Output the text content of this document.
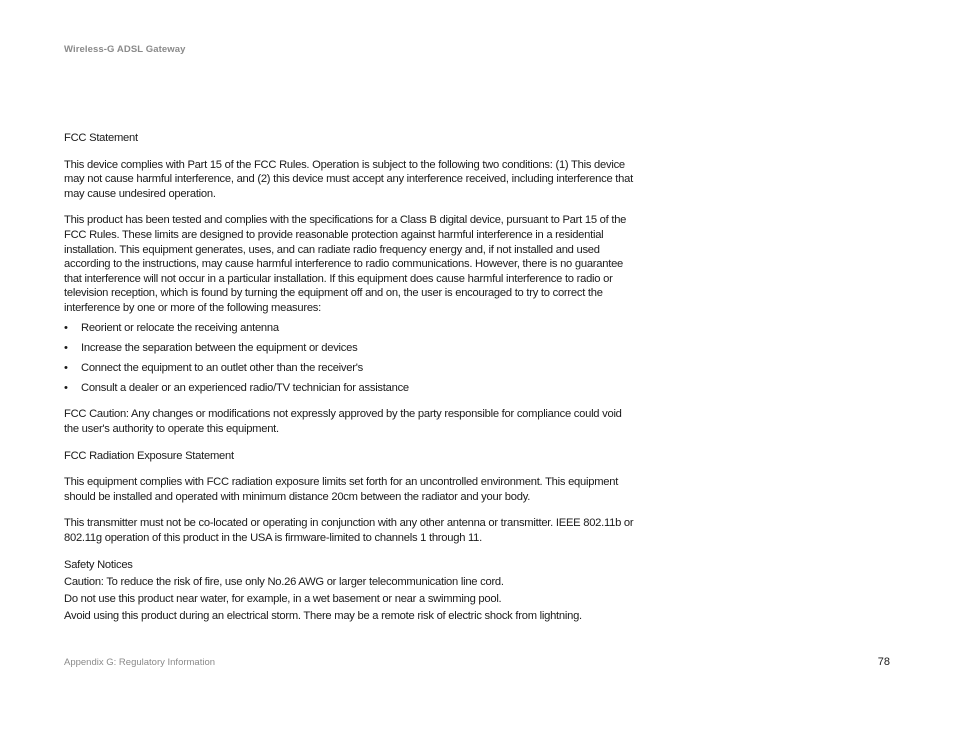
Wireless-G ADSL Gateway

FCC Statement

This device complies with Part 15 of the FCC Rules. Operation is subject to the following two conditions: (1) This device may not cause harmful interference, and (2) this device must accept any interference received, including interference that may cause undesired operation.

This product has been tested and complies with the specifications for a Class B digital device, pursuant to Part 15 of the FCC Rules. These limits are designed to provide reasonable protection against harmful interference in a residential installation. This equipment generates, uses, and can radiate radio frequency energy and, if not installed and used according to the instructions, may cause harmful interference to radio communications. However, there is no guarantee that interference will not occur in a particular installation. If this equipment does cause harmful interference to radio or television reception, which is found by turning the equipment off and on, the user is encouraged to try to correct the interference by one or more of the following measures:

• Reorient or relocate the receiving antenna
• Increase the separation between the equipment or devices
• Connect the equipment to an outlet other than the receiver's
• Consult a dealer or an experienced radio/TV technician for assistance

FCC Caution: Any changes or modifications not expressly approved by the party responsible for compliance could void the user's authority to operate this equipment.

FCC Radiation Exposure Statement

This equipment complies with FCC radiation exposure limits set forth for an uncontrolled environment. This equipment should be installed and operated with minimum distance 20cm between the radiator and your body.

This transmitter must not be co-located or operating in conjunction with any other antenna or transmitter. IEEE 802.11b or 802.11g operation of this product in the USA is firmware-limited to channels 1 through 11.

Safety Notices

Caution: To reduce the risk of fire, use only No.26 AWG or larger telecommunication line cord.

Do not use this product near water, for example, in a wet basement or near a swimming pool.

Avoid using this product during an electrical storm. There may be a remote risk of electric shock from lightning.

Appendix G: Regulatory Information	78
